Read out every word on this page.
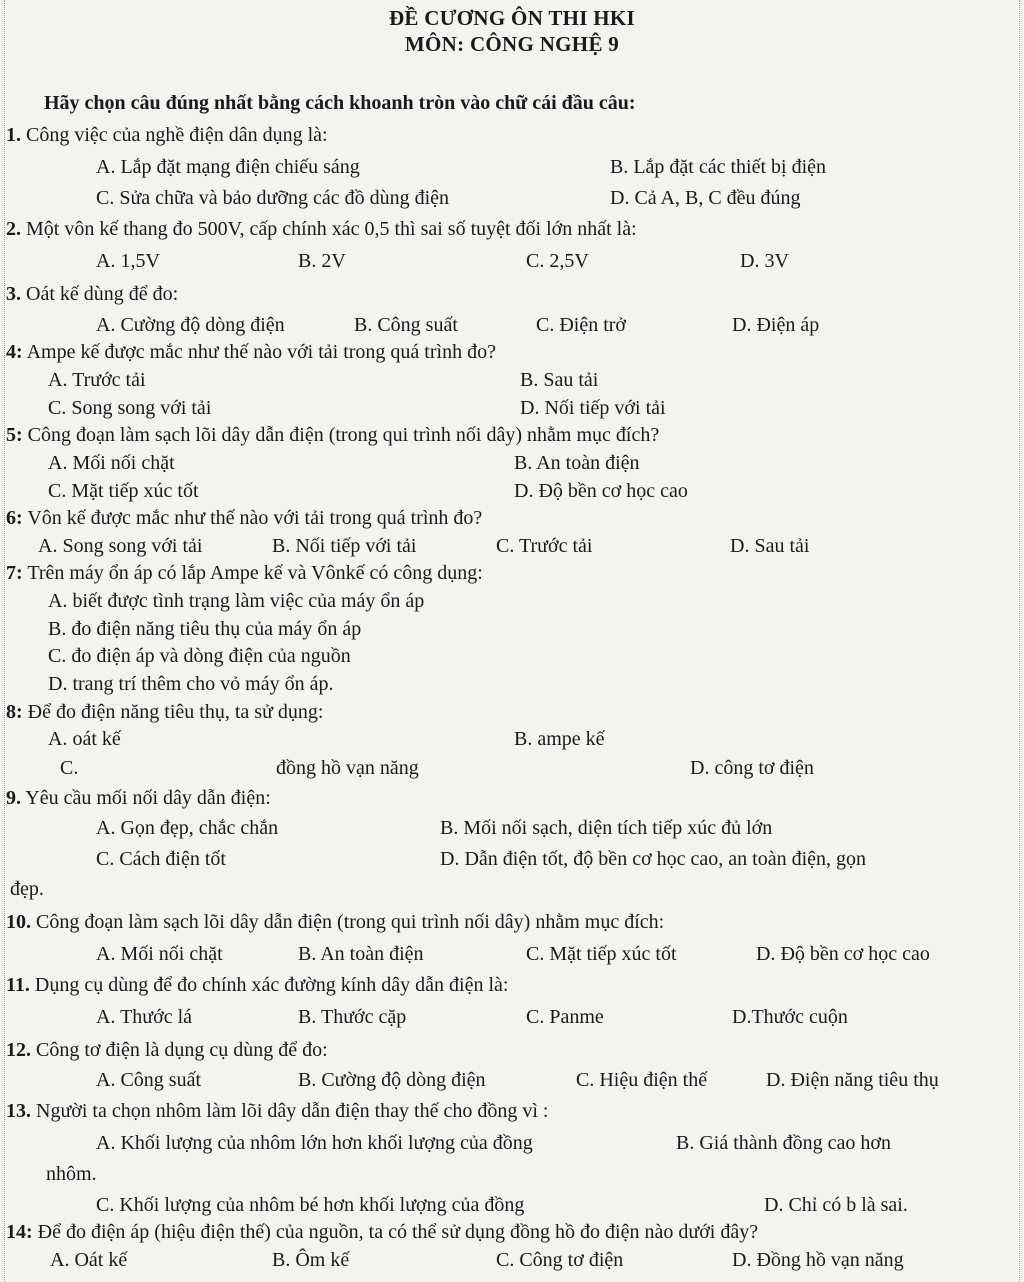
ĐỀ CƯƠNG ÔN THI HKI
MÔN: CÔNG NGHỆ 9
Hãy chọn câu đúng nhất bằng cách khoanh tròn vào chữ cái đầu câu:
1. Công việc của nghề điện dân dụng là:
A. Lắp đặt mạng điện chiếu sáng	B. Lắp đặt các thiết bị điện
C. Sửa chữa và bảo dưỡng các đồ dùng điện	D. Cả A, B, C đều đúng
2. Một vôn kế thang đo 500V, cấp chính xác 0,5 thì sai số tuyệt đối lớn nhất là:
A. 1,5V	B. 2V	C. 2,5V	D. 3V
3. Oát kế dùng để đo:
A. Cường độ dòng điện	B. Công suất	C. Điện trở	D. Điện áp
4: Ampe kế được mắc như thế nào với tải trong quá trình đo?
A. Trước tải	B. Sau tải
C. Song song với tải	D. Nối tiếp với tải
5: Công đoạn làm sạch lõi dây dẫn điện (trong qui trình nối dây) nhằm mục đích?
A. Mối nối chặt	B. An toàn điện
C. Mặt tiếp xúc tốt	D. Độ bền cơ học cao
6: Vôn kế được mắc như thế nào với tải trong quá trình đo?
A. Song song với tải	B. Nối tiếp với tải	C. Trước tải	D. Sau tải
7: Trên máy ổn áp có lắp Ampe kế và Vônkế có công dụng:
A. biết được tình trạng làm việc của máy ổn áp
B. đo điện năng tiêu thụ của máy ổn áp
C. đo điện áp và dòng điện của nguồn
D. trang trí thêm cho vỏ máy ổn áp.
8: Để đo điện năng tiêu thụ, ta sử dụng:
A. oát kế	B. ampe kế
C.	đồng hồ vạn năng	D. công tơ điện
9. Yêu cầu mối nối dây dẫn điện:
A. Gọn đẹp, chắc chắn	B. Mối nối sạch, diện tích tiếp xúc đủ lớn
C. Cách điện tốt	D. Dẫn điện tốt, độ bền cơ học cao, an toàn điện, gọn
đẹp.
10. Công đoạn làm sạch lõi dây dẫn điện (trong qui trình nối dây) nhằm mục đích:
A. Mối nối chặt	B. An toàn điện	C. Mặt tiếp xúc tốt	D. Độ bền cơ học cao
11. Dụng cụ dùng để đo chính xác đường kính dây dẫn điện là:
A. Thước lá	B. Thước cặp	C. Panme	D.Thước cuộn
12. Công tơ điện là dụng cụ dùng để đo:
A. Công suất	B. Cường độ dòng điện	C. Hiệu điện thế	D. Điện năng tiêu thụ
13. Người ta chọn nhôm làm lõi dây dẫn điện thay thế cho đồng vì :
A. Khối lượng của nhôm lớn hơn khối lượng của đồng	B. Giá thành đồng cao hơn
nhôm.
C. Khối lượng của nhôm bé hơn khối lượng của đồng	D. Chỉ có b là sai.
14: Để đo điện áp (hiệu điện thế) của nguồn, ta có thể sử dụng đồng hồ đo điện nào dưới đây?
A. Oát kế	B. Ôm kế	C. Công tơ điện	D. Đồng hồ vạn năng
